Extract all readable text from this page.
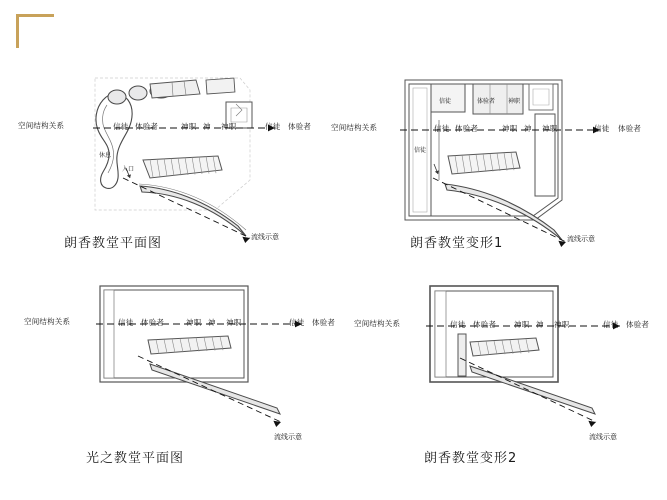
空间结构关系	信徒 体验者	神职 神 神职	信徒 体验者
休息
入口
流线示意
朗香教堂平面图
空间结构关系	信徒 体验者	神职 神 神职	信徒 体验者
信徒	体验者 神职
信徒
流线示意
朗香教堂变形1
空间结构关系	信徒 体验者	神职 神 神职	信徒 体验者
流线示意
光之教堂平面图
空间结构关系	信徒 体验者 神职 神 神职	信徒 体验者
流线示意
朗香教堂变形2
